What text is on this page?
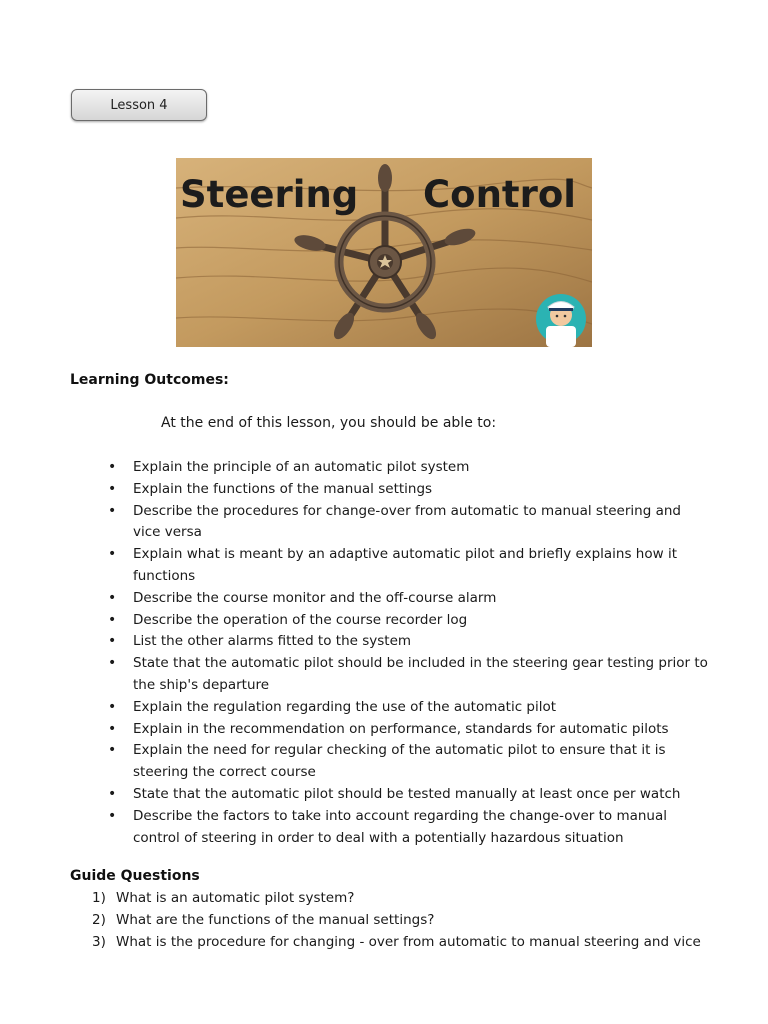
Lesson 4
Steering Control
Learning Outcomes:
At the end of this lesson, you should be able to:
• Explain the principle of an automatic pilot system
• Explain the functions of the manual settings
• Describe the procedures for change-over from automatic to manual steering and vice versa
• Explain what is meant by an adaptive automatic pilot and briefly explains how it functions
• Describe the course monitor and the off-course alarm
• Describe the operation of the course recorder log
• List the other alarms fitted to the system
• State that the automatic pilot should be included in the steering gear testing prior to the ship's departure
• Explain the regulation regarding the use of the automatic pilot
• Explain in the recommendation on performance, standards for automatic pilots
• Explain the need for regular checking of the automatic pilot to ensure that it is steering the correct course
• State that the automatic pilot should be tested manually at least once per watch
• Describe the factors to take into account regarding the change-over to manual control of steering in order to deal with a potentially hazardous situation
Guide Questions
1) What is an automatic pilot system?
2) What are the functions of the manual settings?
3) What is the procedure for changing - over from automatic to manual steering and vice
